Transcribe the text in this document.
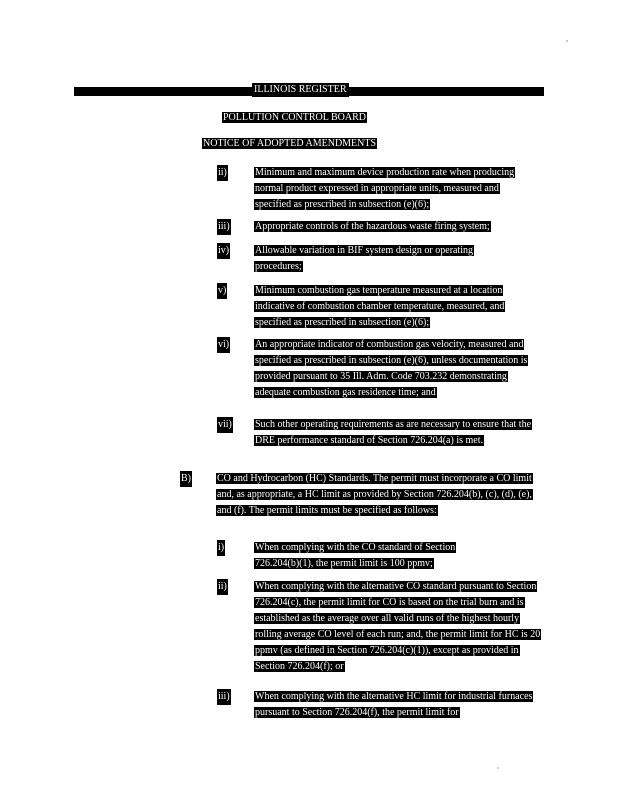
ILLINOIS REGISTER
POLLUTION CONTROL BOARD
NOTICE OF ADOPTED AMENDMENTS
ii)	Minimum and maximum device production rate when producing normal product expressed in appropriate units, measured and specified as prescribed in subsection (e)(6);
iii)	Appropriate controls of the hazardous waste firing system;
iv)	Allowable variation in BIF system design or operating procedures;
v)	Minimum combustion gas temperature measured at a location indicative of combustion chamber temperature, measured, and specified as prescribed in subsection (e)(6);
vi)	An appropriate indicator of combustion gas velocity, measured and specified as prescribed in subsection (e)(6), unless documentation is provided pursuant to 35 Ill. Adm. Code 703.232 demonstrating adequate combustion gas residence time; and
vii) Such other operating requirements as are necessary to ensure that the DRE performance standard of Section 726.204(a) is met.
B)	CO and Hydrocarbon (HC) Standards. The permit must incorporate a CO limit and, as appropriate, a HC limit as provided by Section 726.204(b), (c), (d), (e), and (f). The permit limits must be specified as follows:
i)	When complying with the CO standard of Section 726.204(b)(1), the permit limit is 100 ppmv;
ii)	When complying with the alternative CO standard pursuant to Section 726.204(c), the permit limit for CO is based on the trial burn and is established as the average over all valid runs of the highest hourly rolling average CO level of each run; and, the permit limit for HC is 20 ppmv (as defined in Section 726.204(c)(1)), except as provided in Section 726.204(f); or
iii)	When complying with the alternative HC limit for industrial furnaces pursuant to Section 726.204(f), the permit limit for
